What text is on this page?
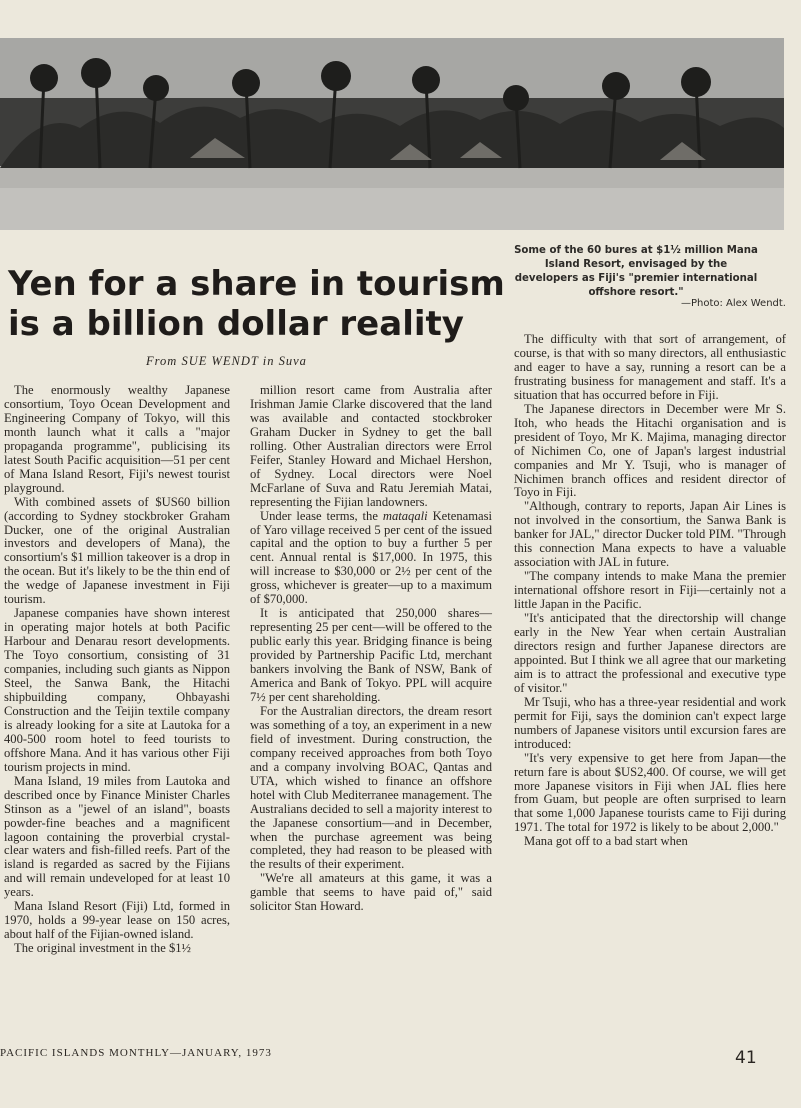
Some of the 60 bures at $1½ million Mana Island Resort, envisaged by the developers as Fiji's "premier international offshore resort."
—Photo: Alex Wendt.
Yen for a share in tourism
is a billion dollar reality
From SUE WENDT in Suva

The enormously wealthy Japanese consortium, Toyo Ocean Development and Engineering Company of Tokyo, will this month launch what it calls a "major propaganda programme", publicising its latest South Pacific acquisition—51 per cent of Mana Island Resort, Fiji's newest tourist playground.

With combined assets of $US60 billion (according to Sydney stockbroker Graham Ducker, one of the original Australian investors and developers of Mana), the consortium's $1 million takeover is a drop in the ocean. But it's likely to be the thin end of the wedge of Japanese investment in Fiji tourism.

Japanese companies have shown interest in operating major hotels at both Pacific Harbour and Denarau resort developments. The Toyo consortium, consisting of 31 companies, including such giants as Nippon Steel, the Sanwa Bank, the Hitachi shipbuilding company, Ohbayashi Construction and the Teijin textile company is already looking for a site at Lautoka for a 400-500 room hotel to feed tourists to offshore Mana. And it has various other Fiji tourism projects in mind.

Mana Island, 19 miles from Lautoka and described once by Finance Minister Charles Stinson as a "jewel of an island", boasts powder-fine beaches and a magnificent lagoon containing the proverbial crystal-clear waters and fish-filled reefs. Part of the island is regarded as sacred by the Fijians and will remain undeveloped for at least 10 years.

Mana Island Resort (Fiji) Ltd, formed in 1970, holds a 99-year lease on 150 acres, about half of the Fijian-owned island.

The original investment in the $1½

million resort came from Australia after Irishman Jamie Clarke discovered that the land was available and contacted stockbroker Graham Ducker in Sydney to get the ball rolling. Other Australian directors were Errol Feifer, Stanley Howard and Michael Hershon, of Sydney. Local directors were Noel McFarlane of Suva and Ratu Jeremiah Matai, representing the Fijian landowners.

Under lease terms, the mataqali Ketenamasi of Yaro village received 5 per cent of the issued capital and the option to buy a further 5 per cent. Annual rental is $17,000. In 1975, this will increase to $30,000 or 2½ per cent of the gross, whichever is greater—up to a maximum of $70,000.

It is anticipated that 250,000 shares—representing 25 per cent—will be offered to the public early this year. Bridging finance is being provided by Partnership Pacific Ltd, merchant bankers involving the Bank of NSW, Bank of America and Bank of Tokyo. PPL will acquire 7½ per cent shareholding.

For the Australian directors, the dream resort was something of a toy, an experiment in a new field of investment. During construction, the company received approaches from both Toyo and a company involving BOAC, Qantas and UTA, which wished to finance an offshore hotel with Club Mediterranee management. The Australians decided to sell a majority interest to the Japanese consortium—and in December, when the purchase agreement was being completed, they had reason to be pleased with the results of their experiment.

"We're all amateurs at this game, it was a gamble that seems to have paid of," said solicitor Stan Howard.

The difficulty with that sort of arrangement, of course, is that with so many directors, all enthusiastic and eager to have a say, running a resort can be a frustrating business for management and staff. It's a situation that has occurred before in Fiji.

The Japanese directors in December were Mr S. Itoh, who heads the Hitachi organisation and is president of Toyo, Mr K. Majima, managing director of Nichimen Co, one of Japan's largest industrial companies and Mr Y. Tsuji, who is manager of Nichimen branch offices and resident director of Toyo in Fiji.

"Although, contrary to reports, Japan Air Lines is not involved in the consortium, the Sanwa Bank is banker for JAL," director Ducker told PIM. "Through this connection Mana expects to have a valuable association with JAL in future.

"The company intends to make Mana the premier international offshore resort in Fiji—certainly not a little Japan in the Pacific.

"It's anticipated that the directorship will change early in the New Year when certain Australian directors resign and further Japanese directors are appointed. But I think we all agree that our marketing aim is to attract the professional and executive type of visitor."

Mr Tsuji, who has a three-year residential and work permit for Fiji, says the dominion can't expect large numbers of Japanese visitors until excursion fares are introduced:

"It's very expensive to get here from Japan—the return fare is about $US2,400. Of course, we will get more Japanese visitors in Fiji when JAL flies here from Guam, but people are often surprised to learn that some 1,000 Japanese tourists came to Fiji during 1971. The total for 1972 is likely to be about 2,000."

Mana got off to a bad start when

PACIFIC ISLANDS MONTHLY—JANUARY, 1973	41
